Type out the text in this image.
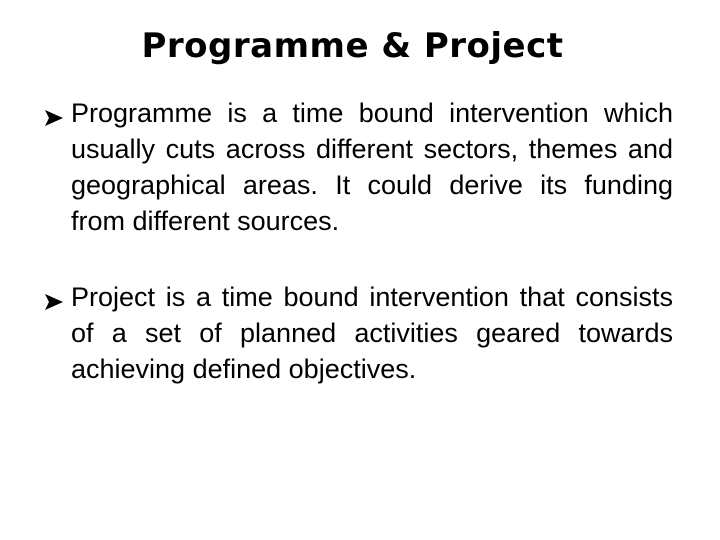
Programme & Project
Programme is a time bound intervention which usually cuts across different sectors, themes and geographical areas. It could derive its funding from different sources.
Project is a time bound intervention that consists of a set of planned activities geared towards achieving defined objectives.
